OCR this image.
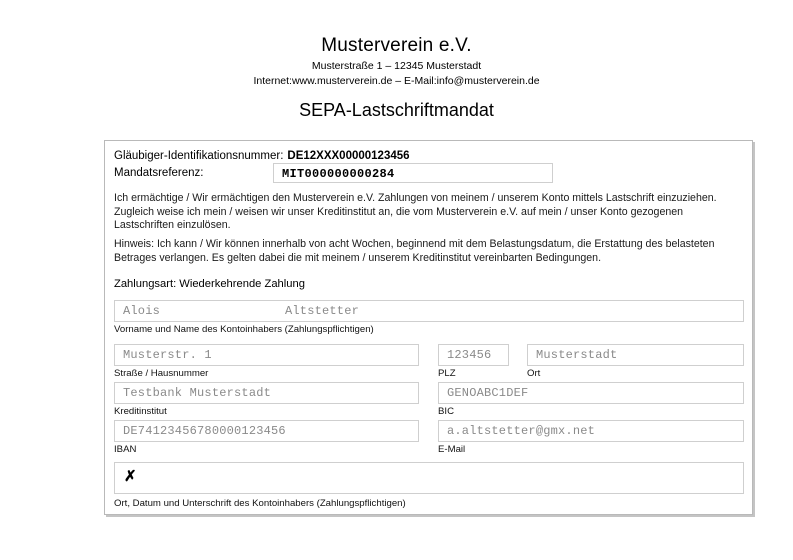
Musterverein e.V.
Musterstraße 1 – 12345 Musterstadt
Internet:www.musterverein.de – E-Mail:info@musterverein.de
SEPA-Lastschriftmandat
Gläubiger-Identifikationsnummer: DE12XXX00000123456
Mandatsreferenz:	MIT000000000284
Ich ermächtige / Wir ermächtigen den Musterverein e.V. Zahlungen von meinem / unserem Konto mittels Lastschrift einzuziehen. Zugleich weise ich mein / weisen wir unser Kreditinstitut an, die vom Musterverein e.V. auf mein / unser Konto gezogenen Lastschriften einzulösen.
Hinweis: Ich kann / Wir können innerhalb von acht Wochen, beginnend mit dem Belastungsdatum, die Erstattung des belasteten Betrages verlangen. Es gelten dabei die mit meinem / unserem Kreditinstitut vereinbarten Bedingungen.
Zahlungsart: Wiederkehrende Zahlung
Alois	Altstetter
Vorname und Name des Kontoinhabers (Zahlungspflichtigen)
Musterstr. 1
Straße / Hausnummer
123456
PLZ
Musterstadt
Ort
Testbank Musterstadt
Kreditinstitut
GENOABC1DEF
BIC
DE74123456780000123456
IBAN
a.altstetter@gmx.net
E-Mail
✗
Ort, Datum und Unterschrift des Kontoinhabers (Zahlungspflichtigen)
